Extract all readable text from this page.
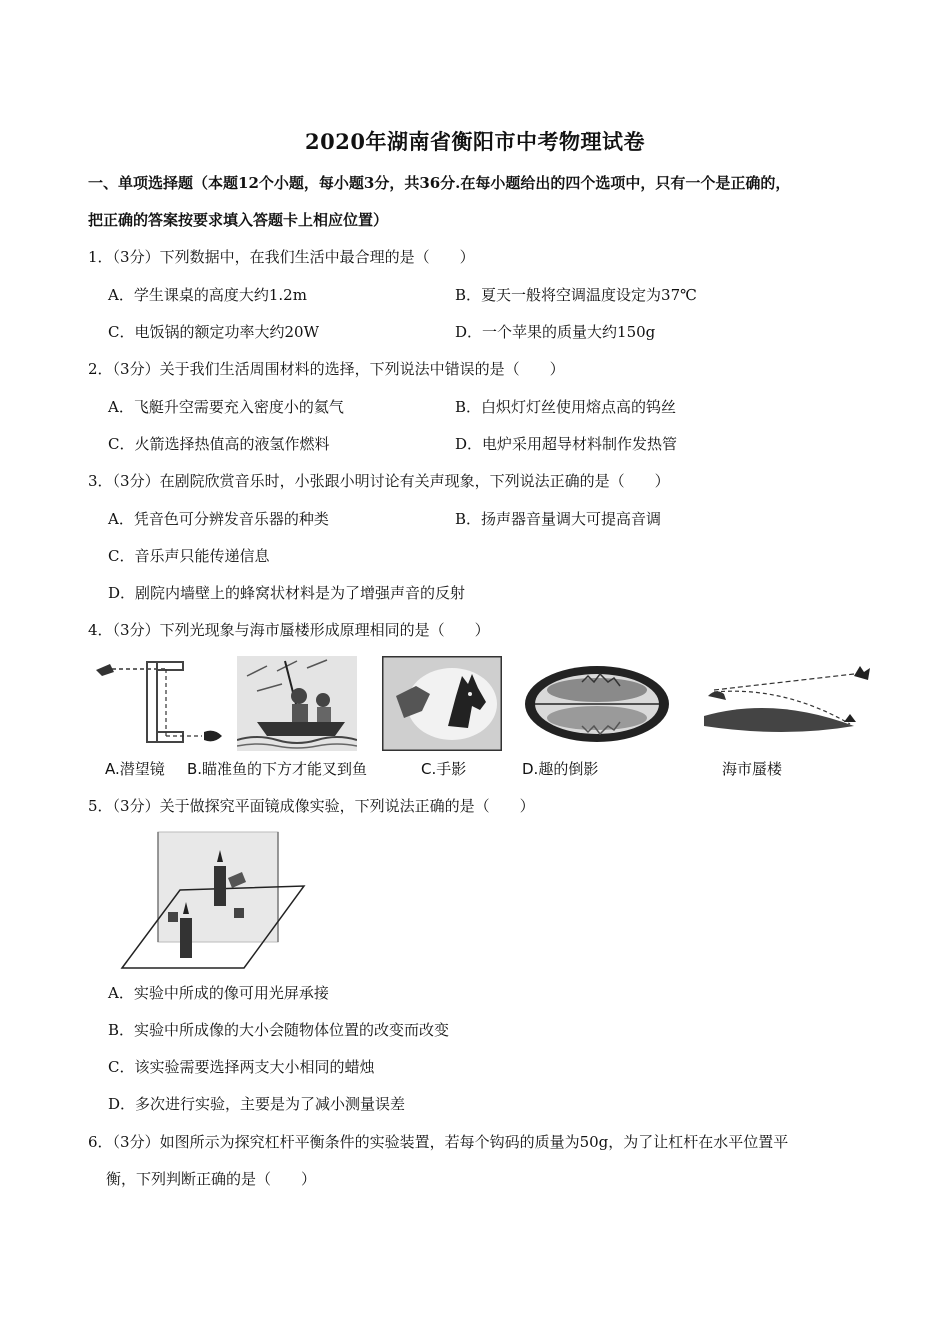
2020年湖南省衡阳市中考物理试卷
一、单项选择题（本题12个小题，每小题3分，共36分.在每小题给出的四个选项中，只有一个是正确的，
把正确的答案按要求填入答题卡上相应位置）
1．（3分）下列数据中，在我们生活中最合理的是（　　）
A．学生课桌的高度大约1.2m	B．夏天一般将空调温度设定为37℃
C．电饭锅的额定功率大约20W	D．一个苹果的质量大约150g
2．（3分）关于我们生活周围材料的选择，下列说法中错误的是（　　）
A．飞艇升空需要充入密度小的氦气	B．白炽灯灯丝使用熔点高的钨丝
C．火箭选择热值高的液氢作燃料	D．电炉采用超导材料制作发热管
3．（3分）在剧院欣赏音乐时，小张跟小明讨论有关声现象，下列说法正确的是（　　）
A．凭音色可分辨发音乐器的种类	B．扬声器音量调大可提高音调
C．音乐声只能传递信息
D．剧院内墙壁上的蜂窝状材料是为了增强声音的反射
4．（3分）下列光现象与海市蜃楼形成原理相同的是（　　）
A.潜望镜 B.瞄准鱼的下方才能叉到鱼	C.手影	D.趣的倒影	海市蜃楼
5．（3分）关于做探究平面镜成像实验，下列说法正确的是（　　）
A．实验中所成的像可用光屏承接
B．实验中所成像的大小会随物体位置的改变而改变
C．该实验需要选择两支大小相同的蜡烛
D．多次进行实验，主要是为了减小测量误差
6．（3分）如图所示为探究杠杆平衡条件的实验装置，若每个钩码的质量为50g，为了让杠杆在水平位置平
衡，下列判断正确的是（　　）
